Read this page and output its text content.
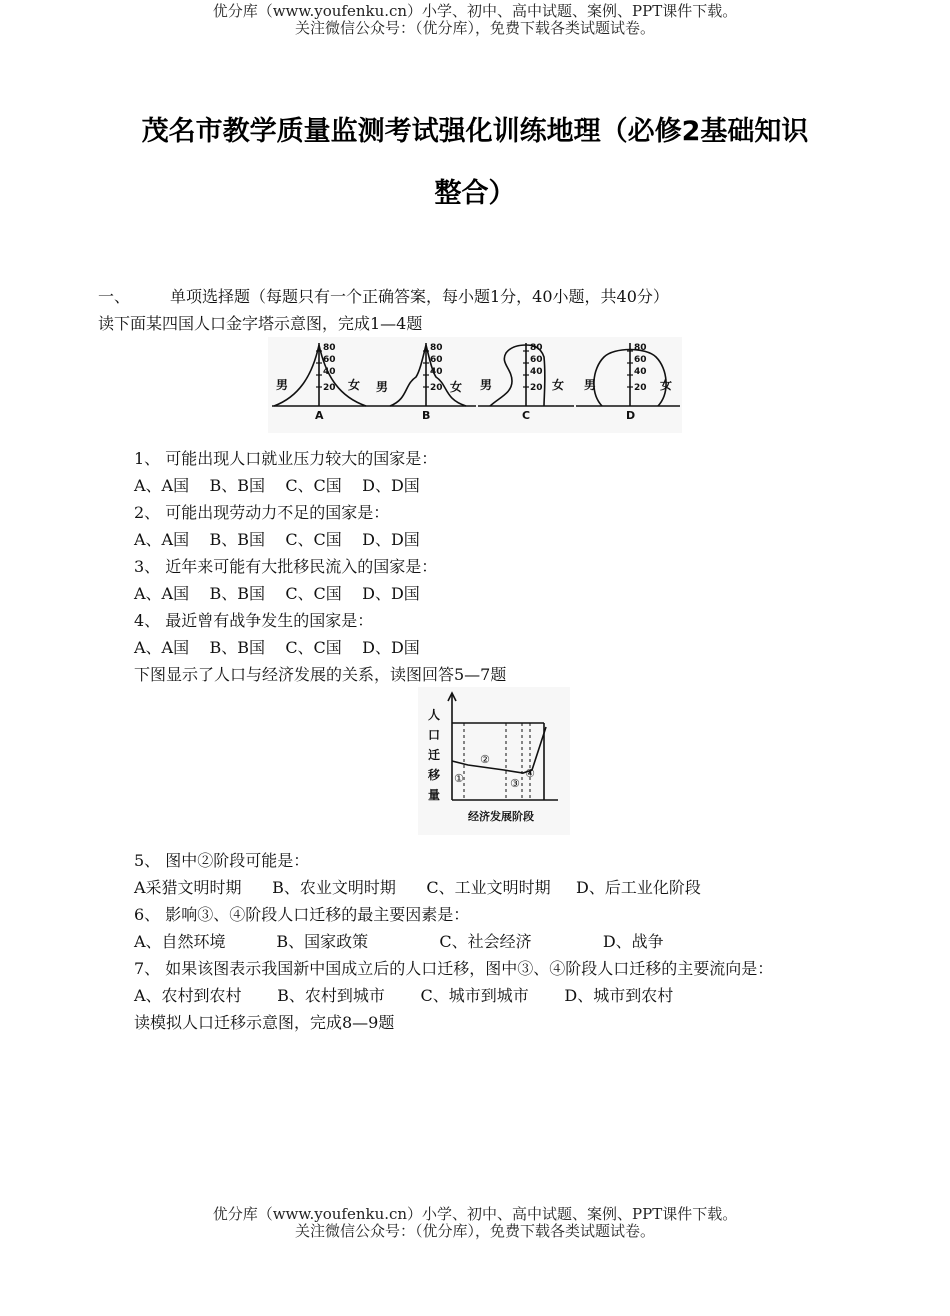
优分库（www.youfenku.cn）小学、初中、高中试题、案例、PPT课件下载。
关注微信公众号：（优分库），免费下载各类试题试卷。
茂名市教学质量监测考试强化训练地理（必修2基础知识
整合）
一、 单项选择题（每题只有一个正确答案，每小题1分，40小题，共40分）
读下面某四国人口金字塔示意图，完成1—4题
80
60
40
20
80
60
40
20
80
60
40
20
80
60
40
20
男	女 男	女 男	女 男	女
A	B	C	D
1、 可能出现人口就业压力较大的国家是：
A、A国    B、B国    C、C国    D、D国
2、 可能出现劳动力不足的国家是：
A、A国    B、B国    C、C国    D、D国
3、 近年来可能有大批移民流入的国家是：
A、A国    B、B国    C、C国    D、D国
4、 最近曾有战争发生的国家是：
A、A国    B、B国    C、C国    D、D国
下图显示了人口与经济发展的关系，读图回答5—7题
人
口
迁
移
量
①
②
③
④
经济发展阶段
5、 图中②阶段可能是：
A采猎文明时期      B、农业文明时期      C、工业文明时期     D、后工业化阶段
6、 影响③、④阶段人口迁移的最主要因素是：
A、自然环境          B、国家政策              C、社会经济              D、战争
7、 如果该图表示我国新中国成立后的人口迁移，图中③、④阶段人口迁移的主要流向是：
A、农村到农村       B、农村到城市       C、城市到城市       D、城市到农村
读模拟人口迁移示意图，完成8—9题
优分库（www.youfenku.cn）小学、初中、高中试题、案例、PPT课件下载。
关注微信公众号：（优分库），免费下载各类试题试卷。
